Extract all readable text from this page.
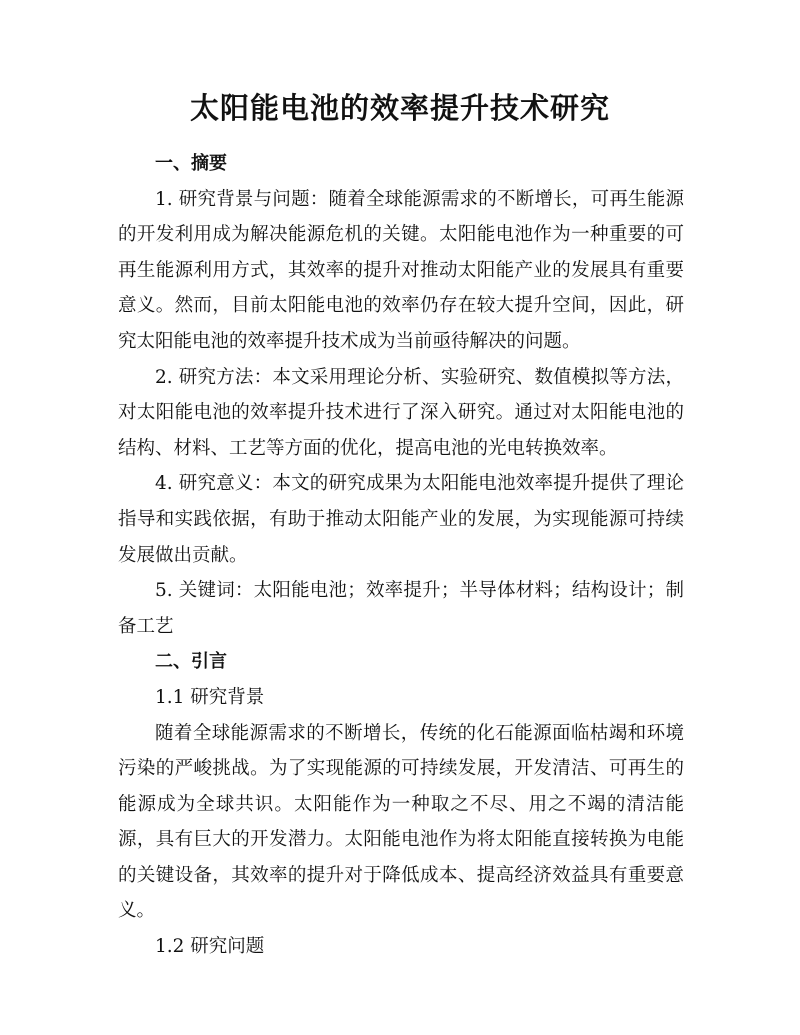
太阳能电池的效率提升技术研究

一、摘要

1. 研究背景与问题：随着全球能源需求的不断增长，可再生能源的开发利用成为解决能源危机的关键。太阳能电池作为一种重要的可再生能源利用方式，其效率的提升对推动太阳能产业的发展具有重要意义。然而，目前太阳能电池的效率仍存在较大提升空间，因此，研究太阳能电池的效率提升技术成为当前亟待解决的问题。

2. 研究方法：本文采用理论分析、实验研究、数值模拟等方法，对太阳能电池的效率提升技术进行了深入研究。通过对太阳能电池的结构、材料、工艺等方面的优化，提高电池的光电转换效率。

4. 研究意义：本文的研究成果为太阳能电池效率提升提供了理论指导和实践依据，有助于推动太阳能产业的发展，为实现能源可持续发展做出贡献。

5. 关键词：太阳能电池；效率提升；半导体材料；结构设计；制备工艺

二、引言

1.1 研究背景

随着全球能源需求的不断增长，传统的化石能源面临枯竭和环境污染的严峻挑战。为了实现能源的可持续发展，开发清洁、可再生的能源成为全球共识。太阳能作为一种取之不尽、用之不竭的清洁能源，具有巨大的开发潜力。太阳能电池作为将太阳能直接转换为电能的关键设备，其效率的提升对于降低成本、提高经济效益具有重要意义。

1.2 研究问题
